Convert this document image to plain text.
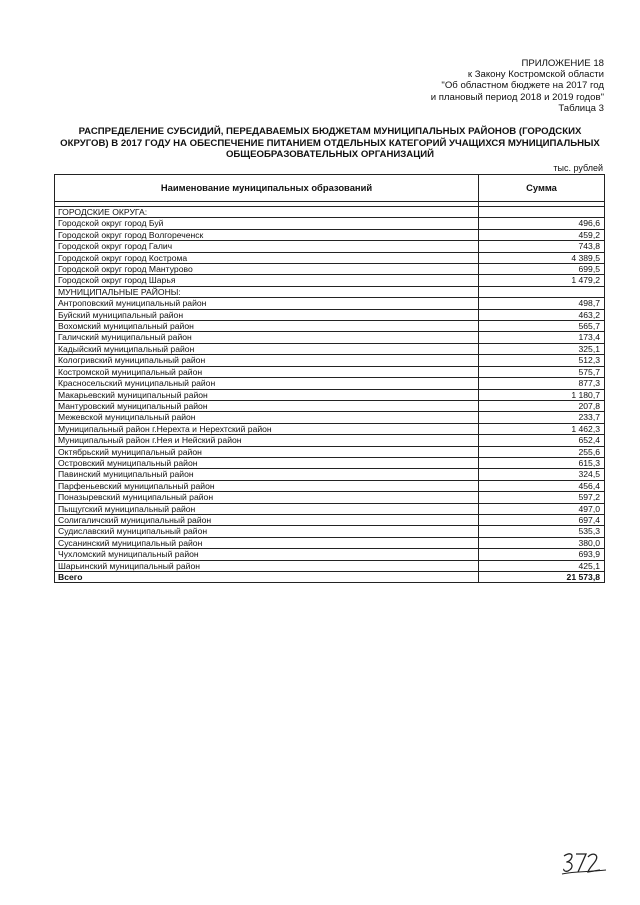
ПРИЛОЖЕНИЕ 18
к Закону Костромской области
"Об областном бюджете на 2017 год
и плановый период 2018 и 2019 годов"
Таблица 3
РАСПРЕДЕЛЕНИЕ СУБСИДИЙ, ПЕРЕДАВАЕМЫХ БЮДЖЕТАМ МУНИЦИПАЛЬНЫХ РАЙОНОВ (ГОРОДСКИХ
ОКРУГОВ) В 2017 ГОДУ НА ОБЕСПЕЧЕНИЕ ПИТАНИЕМ ОТДЕЛЬНЫХ КАТЕГОРИЙ УЧАЩИХСЯ МУНИЦИПАЛЬНЫХ
ОБЩЕОБРАЗОВАТЕЛЬНЫХ ОРГАНИЗАЦИЙ
тыс. рублей
Наименование муниципальных образований	Сумма

ГОРОДСКИЕ ОКРУГА:	
Городской округ город Буй	496,6
Городской округ город Волгореченск	459,2
Городской округ город Галич	743,8
Городской округ город Кострома	4 389,5
Городской округ город Мантурово	699,5
Городской округ город Шарья	1 479,2
МУНИЦИПАЛЬНЫЕ РАЙОНЫ:	
Антроповский муниципальный район	498,7
Буйский муниципальный район	463,2
Вохомский муниципальный район	565,7
Галичский муниципальный район	173,4
Кадыйский муниципальный район	325,1
Кологривский муниципальный район	512,3
Костромской муниципальный район	575,7
Красносельский муниципальный район	877,3
Макарьевский муниципальный район	1 180,7
Мантуровский муниципальный район	207,8
Межевской муниципальный район	233,7
Муниципальный район г.Нерехта и Нерехтский район	1 462,3
Муниципальный район г.Нея и Нейский район	652,4
Октябрьский муниципальный район	255,6
Островский муниципальный район	615,3
Павинский муниципальный район	324,5
Парфеньевский муниципальный район	456,4
Поназыревский муниципальный район	597,2
Пыщугский муниципальный район	497,0
Солигаличский муниципальный район	697,4
Судиславский муниципальный район	535,3
Сусанинский муниципальный район	380,0
Чухломский муниципальный район	693,9
Шарьинский муниципальный район	425,1
Всего	21 573,8
